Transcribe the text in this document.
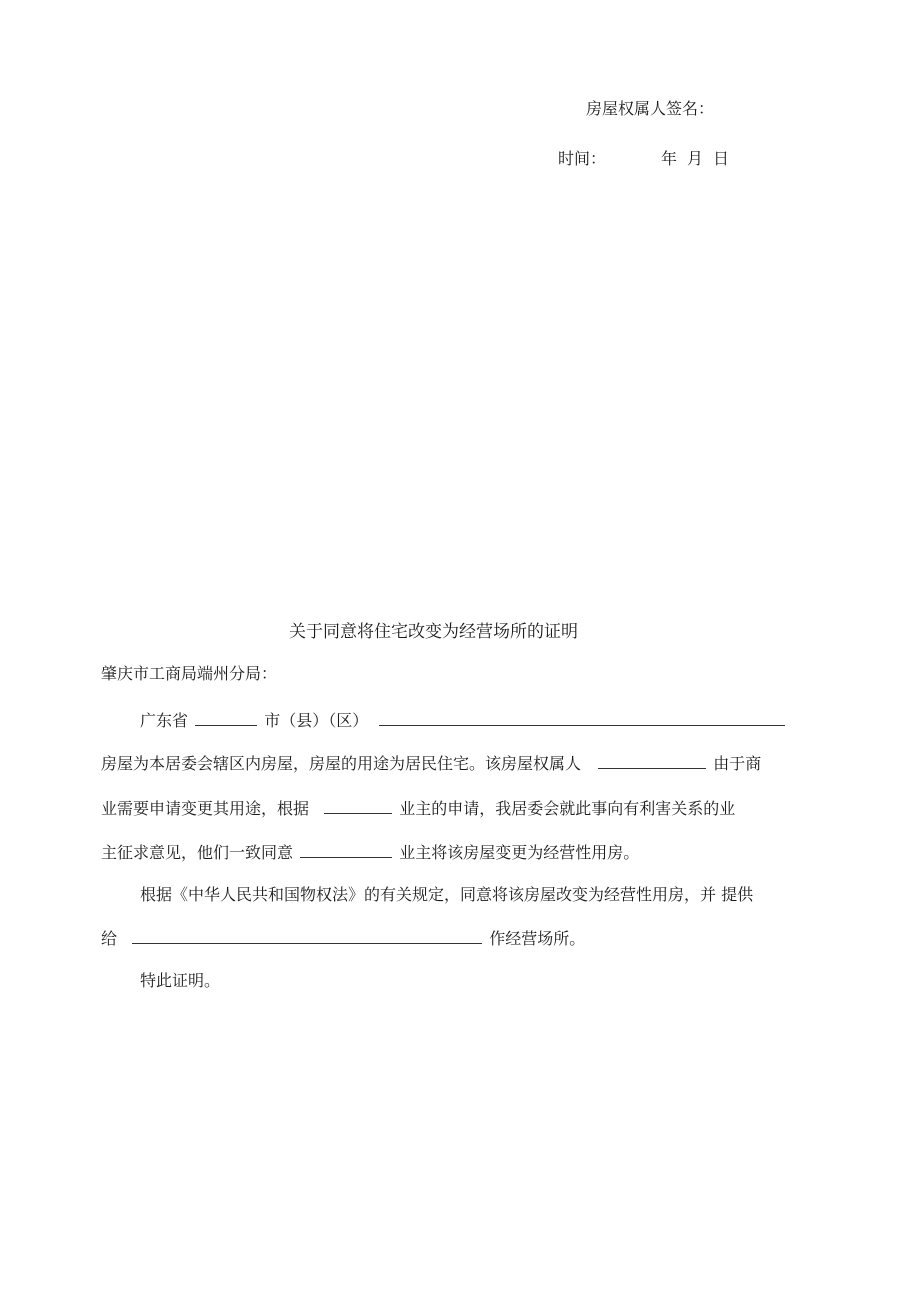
房屋权属人签名：
时间：	年 月 日
关于同意将住宅改变为经营场所的证明
肇庆市工商局端州分局：
广东省	市（县）（区）
房屋为本居委会辖区内房屋，房屋的用途为居民住宅。该房屋权属人	由于商
业需要申请变更其用途，根据	业主的申请，我居委会就此事向有利害关系的业
主征求意见，他们一致同意	业主将该房屋变更为经营性用房。
根据《中华人民共和国物权法》的有关规定，同意将该房屋改变为经营性用房，并 提供
给	作经营场所。
特此证明。
